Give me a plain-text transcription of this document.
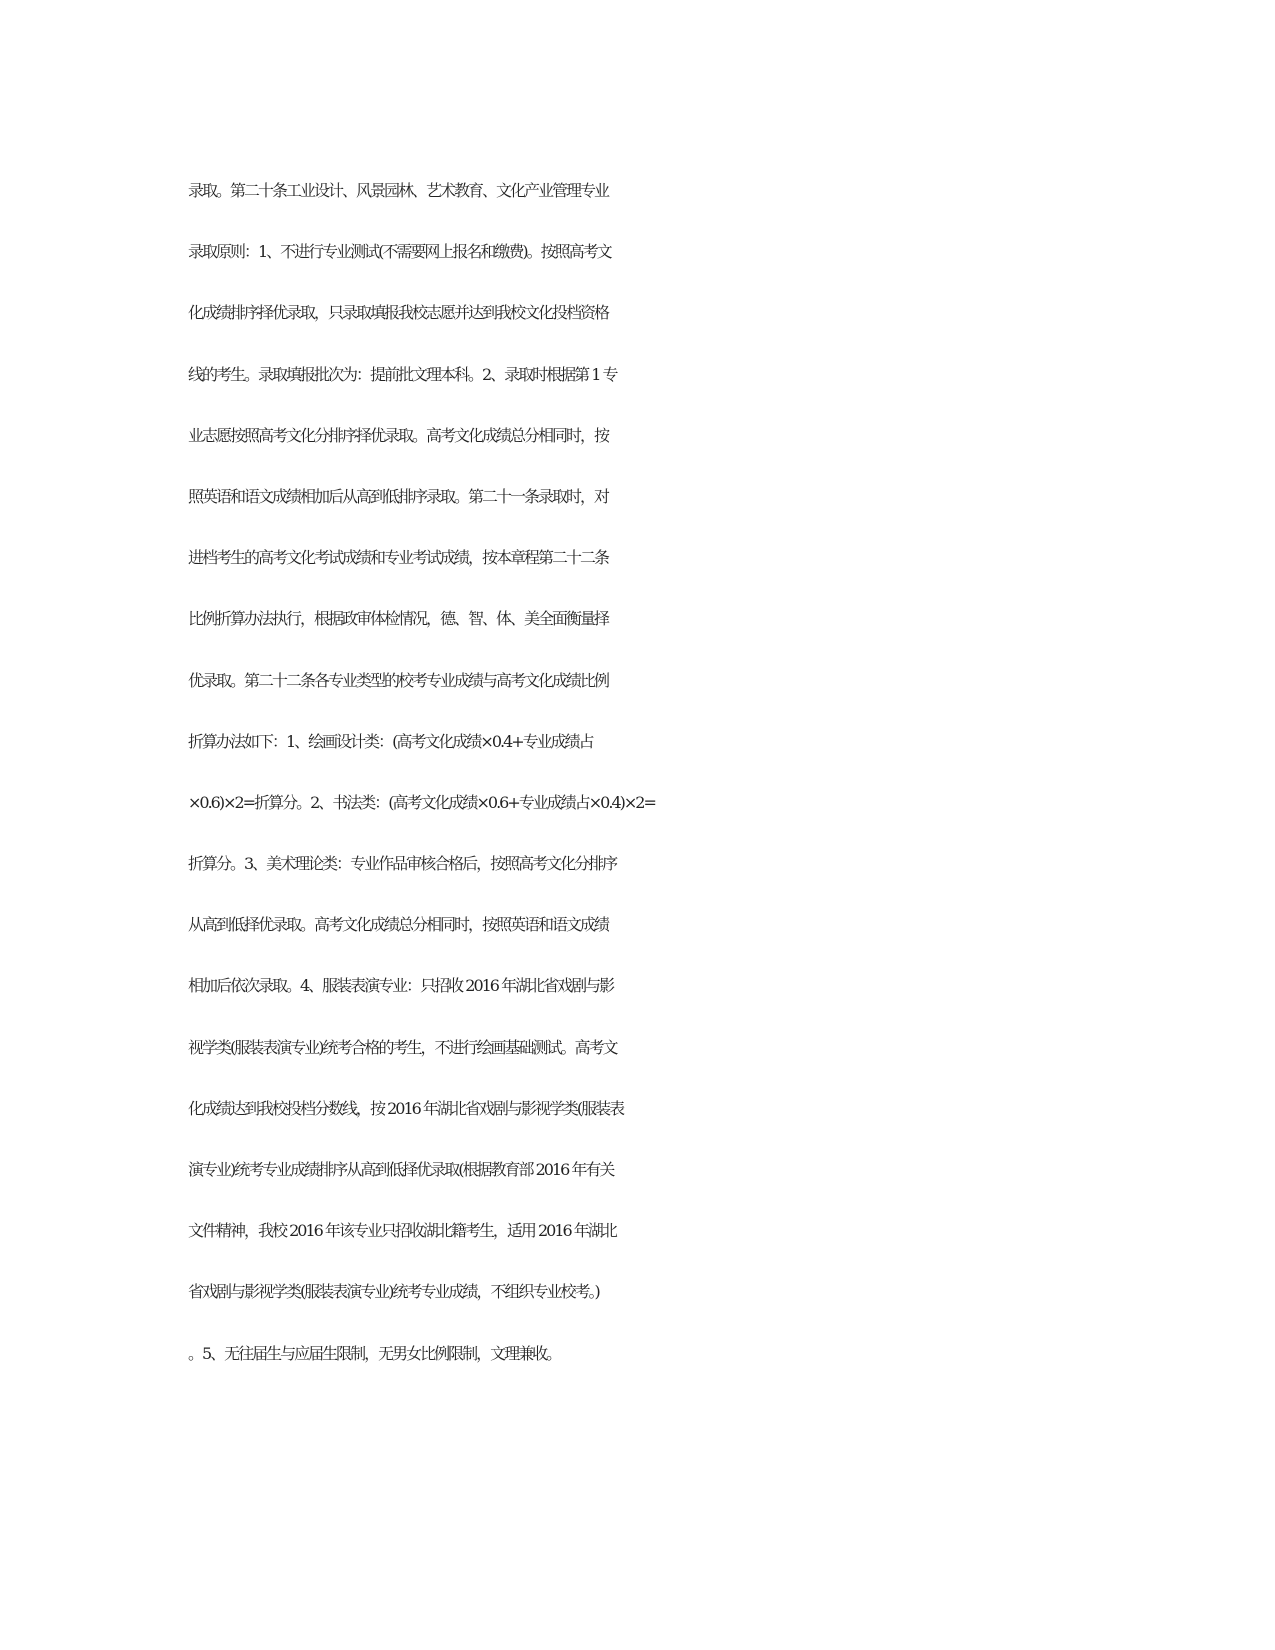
录取。第二十条工业设计、风景园林、艺术教育、文化产业管理专业
录取原则：1、不进行专业测试(不需要网上报名和缴费)。按照高考文
化成绩排序择优录取，只录取填报我校志愿并达到我校文化投档资格
线的考生。录取填报批次为：提前批文理本科。2、录取时根据第 1 专
业志愿按照高考文化分排序择优录取。高考文化成绩总分相同时，按
照英语和语文成绩相加后从高到低排序录取。第二十一条录取时，对
进档考生的高考文化考试成绩和专业考试成绩，按本章程第二十二条
比例折算办法执行，根据政审体检情况，德、智、体、美全面衡量择
优录取。第二十二条各专业类型的校考专业成绩与高考文化成绩比例
折算办法如下：1、绘画设计类：(高考文化成绩×0.4+专业成绩占
×0.6)×2=折算分。2、书法类：(高考文化成绩×0.6+专业成绩占×0.4)×2=
折算分。3、美术理论类：专业作品审核合格后，按照高考文化分排序
从高到低择优录取。高考文化成绩总分相同时，按照英语和语文成绩
相加后依次录取。4、服装表演专业：只招收 2016 年湖北省戏剧与影
视学类(服装表演专业)统考合格的考生，不进行绘画基础测试。高考文
化成绩达到我校投档分数线，按 2016 年湖北省戏剧与影视学类(服装表
演专业)统考专业成绩排序从高到低择优录取(根据教育部 2016 年有关
文件精神，我校 2016 年该专业只招收湖北籍考生，适用 2016 年湖北
省戏剧与影视学类(服装表演专业)统考专业成绩，不组织专业校考。)
。5、无往届生与应届生限制，无男女比例限制，文理兼收。
